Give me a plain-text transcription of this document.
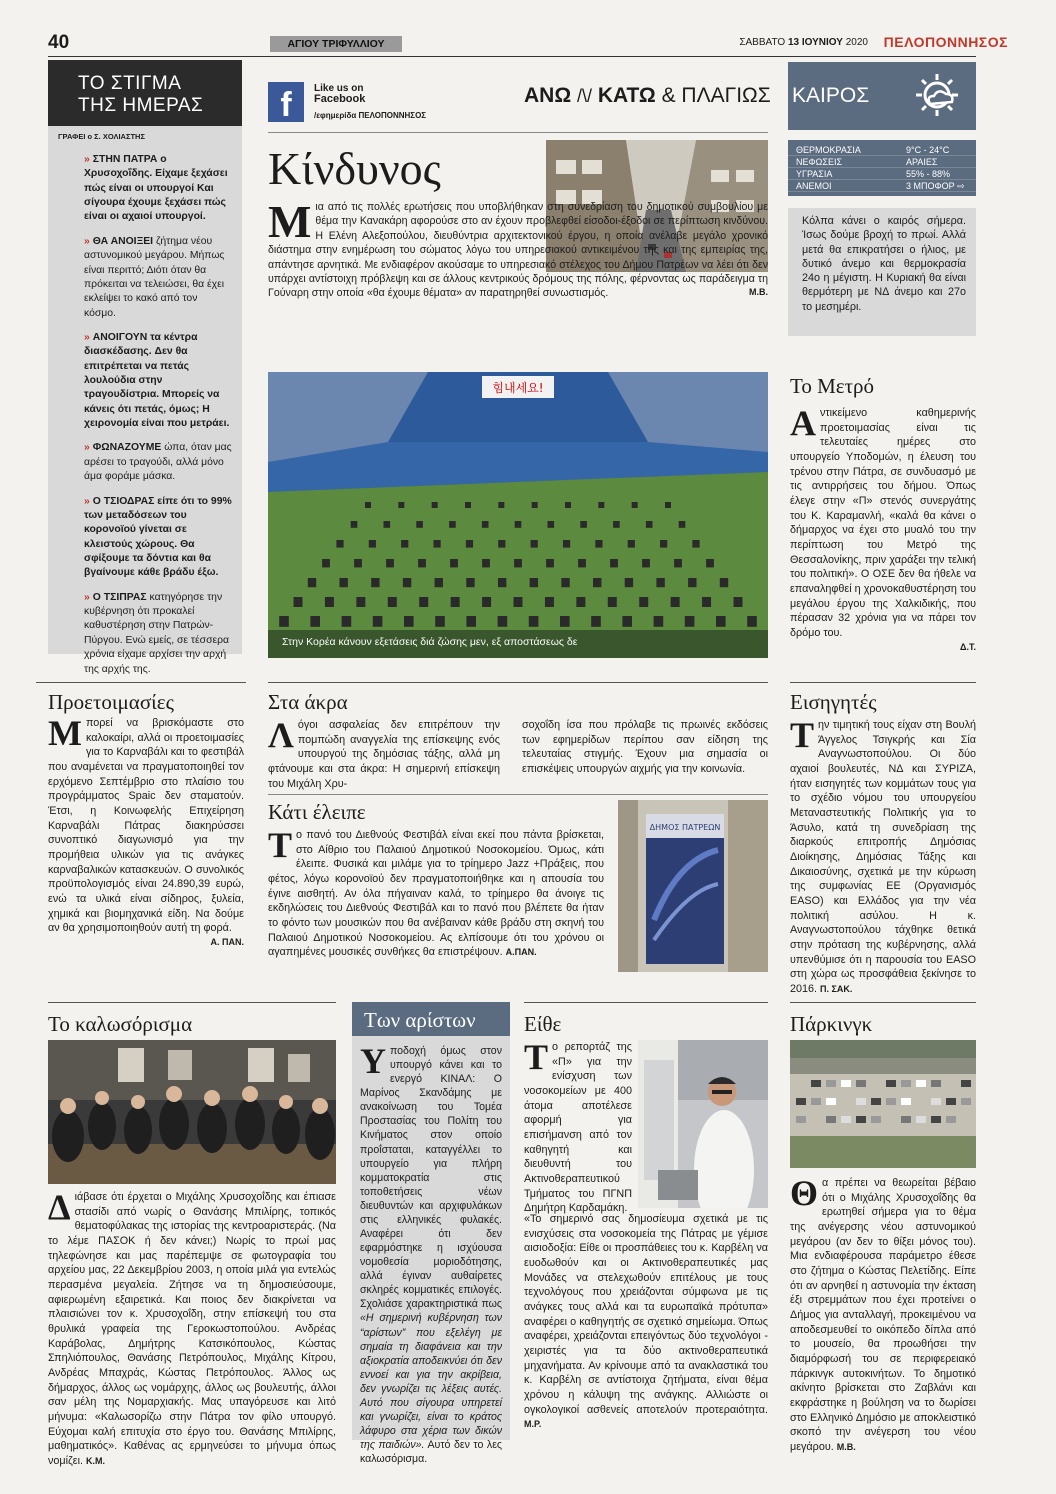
40	ΑΓΙΟΥ ΤΡΙΦΥΛΛΙΟΥ	ΣΑΒΒΑΤΟ 13 ΙΟΥΝΙΟΥ 2020 ΠΕΛΟΠΟΝΝΗΣΟΣ
ΤΟ ΣΤΙΓΜΑ
ΤΗΣ ΗΜΕΡΑΣ
ΓΡΑΦΕΙ ο Σ. ΧΟΛΙΑΣΤΗΣ
» ΣΤΗΝ ΠΑΤΡΑ ο Χρυσοχοΐδης. Είχαμε ξεχάσει πώς είναι οι υπουργοί Και σίγουρα έχουμε ξεχάσει πώς είναι οι αχαιοί υπουργοί.
» ΘΑ ΑΝΟΙΞΕΙ ζήτημα νέου αστυνομικού μεγάρου. Μήπως είναι περιττό; Διότι όταν θα πρόκειται να τελειώσει, θα έχει εκλείψει το κακό από τον κόσμο.
» ΑΝΟΙΓΟΥΝ τα κέντρα διασκέδασης. Δεν θα επιτρέπεται να πετάς λουλούδια στην τραγουδίστρια. Μπορείς να κάνεις ότι πετάς, όμως; Η χειρονομία είναι που μετράει.
» ΦΩΝΑΖΟΥΜΕ ώπα, όταν μας αρέσει το τραγούδι, αλλά μόνο άμα φοράμε μάσκα.
» Ο ΤΣΙΟΔΡΑΣ είπε ότι το 99% των μεταδόσεων του κορονοϊού γίνεται σε κλειστούς χώρους. Θα σφίξουμε τα δόντια και θα βγαίνουμε κάθε βράδυ έξω.
» Ο ΤΣΙΠΡΑΣ κατηγόρησε την κυβέρνηση ότι προκαλεί καθυστέρηση στην Πατρών-Πύργου. Ενώ εμείς, σε τέσσερα χρόνια είχαμε αρχίσει την αρχή της αρχής της.
f	Like us on
Facebook
/εφημερίδα ΠΕΛΟΠΟΝΝΗΣΟΣ
ΑΝΩ /\/ ΚΑΤΩ & ΠΛΑΓΙΩΣ ΚΑΙΡΟΣ
ΘΕΡΜΟΚΡΑΣΙΑ	9°C - 24°C
ΝΕΦΩΣΕΙΣ	ΑΡΑΙΕΣ
ΥΓΡΑΣΙΑ	55% - 88%
ΑΝΕΜΟΙ	3 ΜΠΟΦΟΡ ⇨
Κόλπα κάνει ο καιρός σήμερα. Ίσως δούμε βροχή το πρωί. Αλλά μετά θα επικρατήσει ο ήλιος, με δυτικό άνεμο και θερμοκρασία 24ο η μέγιστη. Η Κυριακή θα είναι θερμότερη με ΝΔ άνεμο και 27ο το μεσημέρι.
Κίνδυνος
Μ ια από τις πολλές ερωτήσεις που υποβλήθηκαν στη συνεδρίαση του δημοτικού συμβουλίου με θέμα την Κανακάρη αφορούσε στο αν έχουν προβλεφθεί είσοδοι-έξοδοι σε περίπτωση κινδύνου. Η Ελένη Αλεξοπούλου, διευθύντρια αρχιτεκτονικού έργου, η οποία ανέλαβε μεγάλο χρονικό διάστημα στην ενημέρωση του σώματος λόγω του υπηρεσιακού αντικειμένου της και της εμπειρίας της, απάντησε αρνητικά. Με ενδιαφέρον ακούσαμε το υπηρεσιακό στέλεχος του Δήμου Πατρέων να λέει ότι δεν υπάρχει αντίστοιχη πρόβλεψη και σε άλλους κεντρικούς δρόμους της πόλης, φέρνοντας ως παράδειγμα τη Γούναρη στην οποία «θα έχουμε θέματα» αν παρατηρηθεί συνωστισμός.	Μ.Β.
힘내세요!
Στην Κορέα κάνουν εξετάσεις διά ζώσης μεν, εξ αποστάσεως δε
Το Μετρό
Α ντικείμενο καθημερινής προετοιμασίας είναι τις τελευταίες ημέρες στο υπουργείο Υποδομών, η έλευση του τρένου στην Πάτρα, σε συνδυασμό με τις αντιρρήσεις του δήμου. Όπως έλεγε στην «Π» στενός συνεργάτης του Κ. Καραμανλή, «καλά θα κάνει ο δήμαρχος να έχει στο μυαλό του την περίπτωση του Μετρό της Θεσσαλονίκης, πριν χαράξει την τελική του πολιτική». Ο ΟΣΕ δεν θα ήθελε να επαναληφθεί η χρονοκαθυστέρηση του μεγάλου έργου της Χαλκιδικής, που πέρασαν 32 χρόνια για να πάρει τον δρόμο του.
Δ.Τ.
Προετοιμασίες
Μ πορεί να βρισκόμαστε στο καλοκαίρι, αλλά οι προετοιμασίες για το Καρναβάλι και το φεστιβάλ που αναμένεται να πραγματοποιηθεί τον ερχόμενο Σεπτέμβριο στο πλαίσιο του προγράμματος Spaic δεν σταματούν. Έτσι, η Κοινωφελής Επιχείρηση Καρναβάλι Πάτρας διακηρύσσει συνοπτικό διαγωνισμό για την προμήθεια υλικών για τις ανάγκες καρναβαλικών κατασκευών. Ο συνολικός προϋπολογισμός είναι 24.890,39 ευρώ, ενώ τα υλικά είναι σίδηρος, ξυλεία, χημικά και βιομηχανικά είδη. Να δούμε αν θα χρησιμοποιηθούν αυτή τη φορά.
Α. ΠΑΝ.
Στα άκρα
Λ όγοι ασφαλείας δεν επιτρέπουν την πομπώδη αναγγελία της επίσκεψης ενός υπουργού της δημόσιας τάξης, αλλά μη φτάνουμε και στα άκρα: Η σημερινή επίσκεψη του Μιχάλη Χρυ-
σοχοΐδη ίσα που πρόλαβε τις πρωινές εκδόσεις των εφημερίδων περίπου σαν είδηση της τελευταίας στιγμής. Έχουν μια σημασία οι επισκέψεις υπουργών αιχμής για την κοινωνία.
Κάτι έλειπε
Τ ο πανό του Διεθνούς Φεστιβάλ είναι εκεί που πάντα βρίσκεται, στο Αίθριο του Παλαιού Δημοτικού Νοσοκομείου. Όμως, κάτι έλειπε. Φυσικά και μιλάμε για το τρίημερο Jazz +Πράξεις, που φέτος, λόγω κορονοϊού δεν πραγματοποιήθηκε και η απουσία του έγινε αισθητή. Αν όλα πήγαιναν καλά, το τρίημερο θα άνοιγε τις εκδηλώσεις του Διεθνούς Φεστιβάλ και το πανό που βλέπετε θα ήταν το φόντο των μουσικών που θα ανέβαιναν κάθε βράδυ στη σκηνή του Παλαιού Δημοτικού Νοσοκομείου. Ας ελπίσουμε ότι του χρόνου οι αγαπημένες μουσικές συνθήκες θα επιστρέψουν. Α.ΠΑΝ.
ΔΗΜΟΣ ΠΑΤΡΕΩΝ
Εισηγητές
Τ ην τιμητική τους είχαν στη Βουλή Άγγελος Τσιγκρής και Σία Αναγνωστοπούλου. Οι δύο αχαιοί βουλευτές, ΝΔ και ΣΥΡΙΖΑ, ήταν εισηγητές των κομμάτων τους για το σχέδιο νόμου του υπουργείου Μεταναστευτικής Πολιτικής για το Άσυλο, κατά τη συνεδρίαση της διαρκούς επιτροπής Δημόσιας Διοίκησης, Δημόσιας Τάξης και Δικαιοσύνης, σχετικά με την κύρωση της συμφωνίας ΕΕ (Οργανισμός EASO) και Ελλάδος για την νέα πολιτική ασύλου. Η κ. Αναγνωστοπούλου τάχθηκε θετικά στην πρόταση της κυβέρνησης, αλλά υπενθύμισε ότι η παρουσία του EASO στη χώρα ως προσφάθεια ξεκίνησε το 2016. Π. ΣΑΚ.
Το καλωσόρισμα
Δ ιάβασε ότι έρχεται ο Μιχάλης Χρυσοχοΐδης και έπιασε στασίδι από νωρίς ο Θανάσης Μπιλίρης, τοπικός θεματοφύλακας της ιστορίας της κεντροαριστεράς. (Να το λέμε ΠΑΣΟΚ ή δεν κάνει;) Νωρίς το πρωί μας τηλεφώνησε και μας παρέπεμψε σε φωτογραφία του αρχείου μας, 22 Δεκεμβρίου 2003, η οποία μιλά για εντελώς περασμένα μεγαλεία. Ζήτησε να τη δημοσιεύσουμε, αφιερωμένη εξαιρετικά. Και ποιος δεν διακρίνεται να πλαισιώνει τον κ. Χρυσοχοΐδη, στην επίσκεψή του στα θρυλικά γραφεία της Γεροκωστοπούλου. Ανδρέας Καράβολας, Δημήτρης Κατσικόπουλος, Κώστας Σπηλιόπουλος, Θανάσης Πετρόπουλος, Μιχάλης Κίτρου, Ανδρέας Μπαχράς, Κώστας Πετρόπουλος. Άλλος ως δήμαρχος, άλλος ως νομάρχης, άλλος ως βουλευτής, άλλοι σαν μέλη της Νομαρχιακής. Μας υπαγόρευσε και λιτό μήνυμα: «Καλωσορίζω στην Πάτρα τον φίλο υπουργό. Εύχομαι καλή επιτυχία στο έργο του. Θανάσης Μπιλίρης, μαθηματικός». Καθένας ας ερμηνεύσει το μήνυμα όπως νομίζει. Κ.Μ.
Των αρίστων
Υ ποδοχή όμως στον υπουργό κάνει και το ενεργό ΚΙΝΑΛ: Ο Μαρίνος Σκανδάμης με ανακοίνωση του Τομέα Προστασίας του Πολίτη του Κινήματος στον οποίο προΐσταται, καταγγέλλει το υπουργείο για πλήρη κομματοκρατία στις τοποθετήσεις νέων διευθυντών και αρχιφυλάκων στις ελληνικές φυλακές. Αναφέρει ότι δεν εφαρμόστηκε η ισχύουσα νομοθεσία μοριοδότησης, αλλά έγιναν αυθαίρετες σκληρές κομματικές επιλογές. Σχολιάσε χαρακτηριστικά πως «Η σημερινή κυβέρνηση των “αρίστων” που εξελέγη με σημαία τη διαφάνεια και την αξιοκρατία αποδεικνύει ότι δεν εννοεί και για την ακρίβεια, δεν γνωρίζει τις λέξεις αυτές. Αυτό που σίγουρα υπηρετεί και γνωρίζει, είναι το κράτος λάφυρο στα χέρια των δικών της παιδιών». Αυτό δεν το λες καλωσόρισμα.
Είθε
Τ ο ρεπορτάζ της «Π» για την ενίσχυση των νοσοκομείων με 400 άτομα αποτέλεσε αφορμή για επισήμανση από τον καθηγητή και διευθυντή του Ακτινοθεραπευτικού Τμήματος του ΠΓΝΠ Δημήτρη Καρδαμάκη.
«Το σημερινό σας δημοσίευμα σχετικά με τις ενισχύσεις στα νοσοκομεία της Πάτρας με γέμισε αισιοδοξία: Είθε οι προσπάθειες του κ. Καρβέλη να ευοδωθούν και οι Ακτινοθεραπευτικές μας Μονάδες να στελεχωθούν επιτέλους με τους τεχνολόγους που χρειάζονται σύμφωνα με τις ανάγκες τους αλλά και τα ευρωπαϊκά πρότυπα» αναφέρει ο καθηγητής σε σχετικό σημείωμα. Όπως αναφέρει, χρειάζονται επειγόντως δύο τεχνολόγοι - χειριστές για τα δύο ακτινοθεραπευτικά μηχανήματα. Αν κρίνουμε από τα ανακλαστικά του κ. Καρβέλη σε αντίστοιχα ζητήματα, είναι θέμα χρόνου η κάλυψη της ανάγκης. Αλλιώστε οι ογκολογικοί ασθενείς αποτελούν προτεραιότητα. Μ.Ρ.
Πάρκινγκ
Θ α πρέπει να θεωρείται βέβαιο ότι ο Μιχάλης Χρυσοχοΐδης θα ερωτηθεί σήμερα για το θέμα της ανέγερσης νέου αστυνομικού μεγάρου (αν δεν το θίξει μόνος του). Μια ενδιαφέρουσα παράμετρο έθεσε στο ζήτημα ο Κώστας Πελετίδης. Είπε ότι αν αρνηθεί η αστυνομία την έκταση έξι στρεμμάτων που έχει προτείνει ο Δήμος για ανταλλαγή, προκειμένου να αποδεσμευθεί το οικόπεδο δίπλα από το μουσείο, θα προωθήσει την διαμόρφωσή του σε περιφερειακό πάρκινγκ αυτοκινήτων. Το δημοτικό ακίνητο βρίσκεται στο Ζαβλάνι και εκφράστηκε η βούληση να το δωρίσει στο Ελληνικό Δημόσιο με αποκλειστικό σκοπό την ανέγερση του νέου μεγάρου. Μ.Β.
